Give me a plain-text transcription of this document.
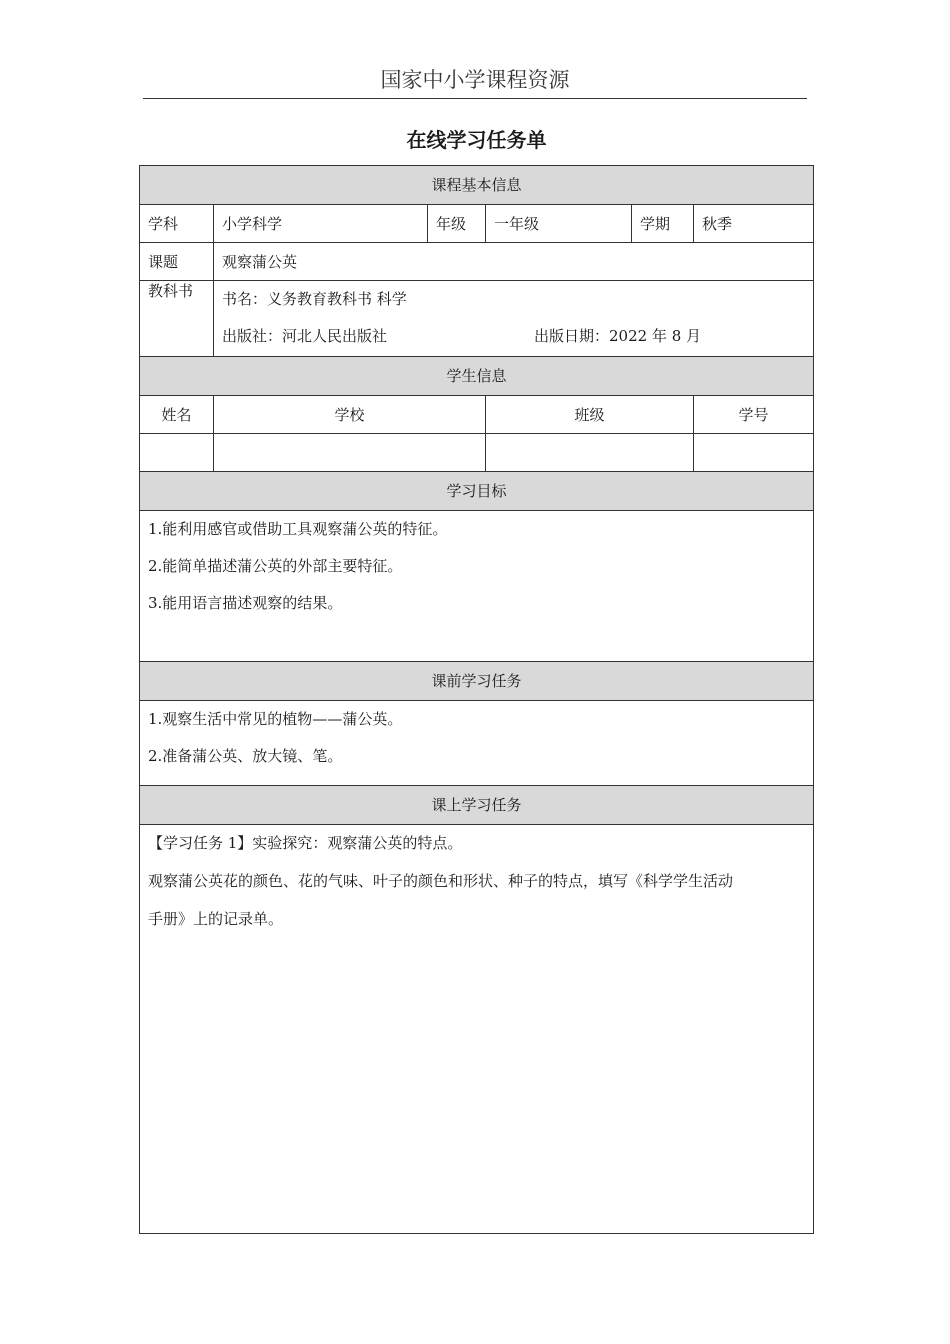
国家中小学课程资源
在线学习任务单
课程基本信息					
学科	小学科学	年级	一年级	学期	秋季
课题	观察蒲公英				
教科书	书名：义务教育教科书 科学
出版社：河北人民出版社 出版日期：2022 年 8 月				

学生信息					
姓名	学校		班级		学号

学习目标					

1.能利用感官或借助工具观察蒲公英的特征。
2.能简单描述蒲公英的外部主要特征。
3.能用语言描述观察的结果。					

课前学习任务					

1.观察生活中常见的植物——蒲公英。
2.准备蒲公英、放大镜、笔。					

课上学习任务					

【学习任务 1】实验探究：观察蒲公英的特点。
观察蒲公英花的颜色、花的气味、叶子的颜色和形状、种子的特点，填写《科学学生活动
手册》上的记录单。					
